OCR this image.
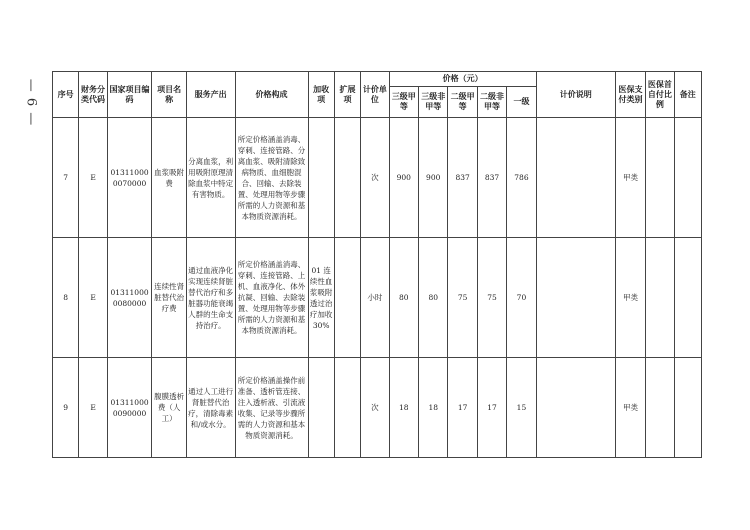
— 6 — 序号	财务分类代码	国家项目编码	项目名称	服务产出	价格构成	加收项	扩展项	计价单位	价格（元）					计价说明	医保支付类别	医保首自付比例	备注
									三级甲等	三级非甲等	二级甲等	二级非甲等	一级				
7	E	013110000070000	血浆吸附费	分离血浆，利用吸附原理清除血浆中特定有害物质。	所定价格涵盖消毒、穿刺、连接管路、分离血浆、吸附清除致病物质、血细胞混合、回输、去除装置、处理用物等步骤所需的人力资源和基本物质资源消耗。			次	900	900	837	837	786		甲类		
8	E	013110000080000	连续性肾脏替代治疗费	通过血液净化实现连续肾脏替代治疗和多脏器功能衰竭人群的生命支持治疗。	所定价格涵盖消毒、穿刺、连接管路、上机、血液净化、体外抗凝、回输、去除装置、处理用物等步骤所需的人力资源和基本物质资源消耗。	01 连续性血浆吸附透过治疗加收30%		小时	80	80	75	75	70		甲类		
9	E	013110000090000	腹膜透析费（人工）	通过人工进行肾脏替代治疗，清除毒素和/或水分。	所定价格涵盖操作前准备、透析管连接、注入透析液、引流液收集、记录等步骤所需的人力资源和基本物质资源消耗。			次	18	18	17	17	15		甲类		
